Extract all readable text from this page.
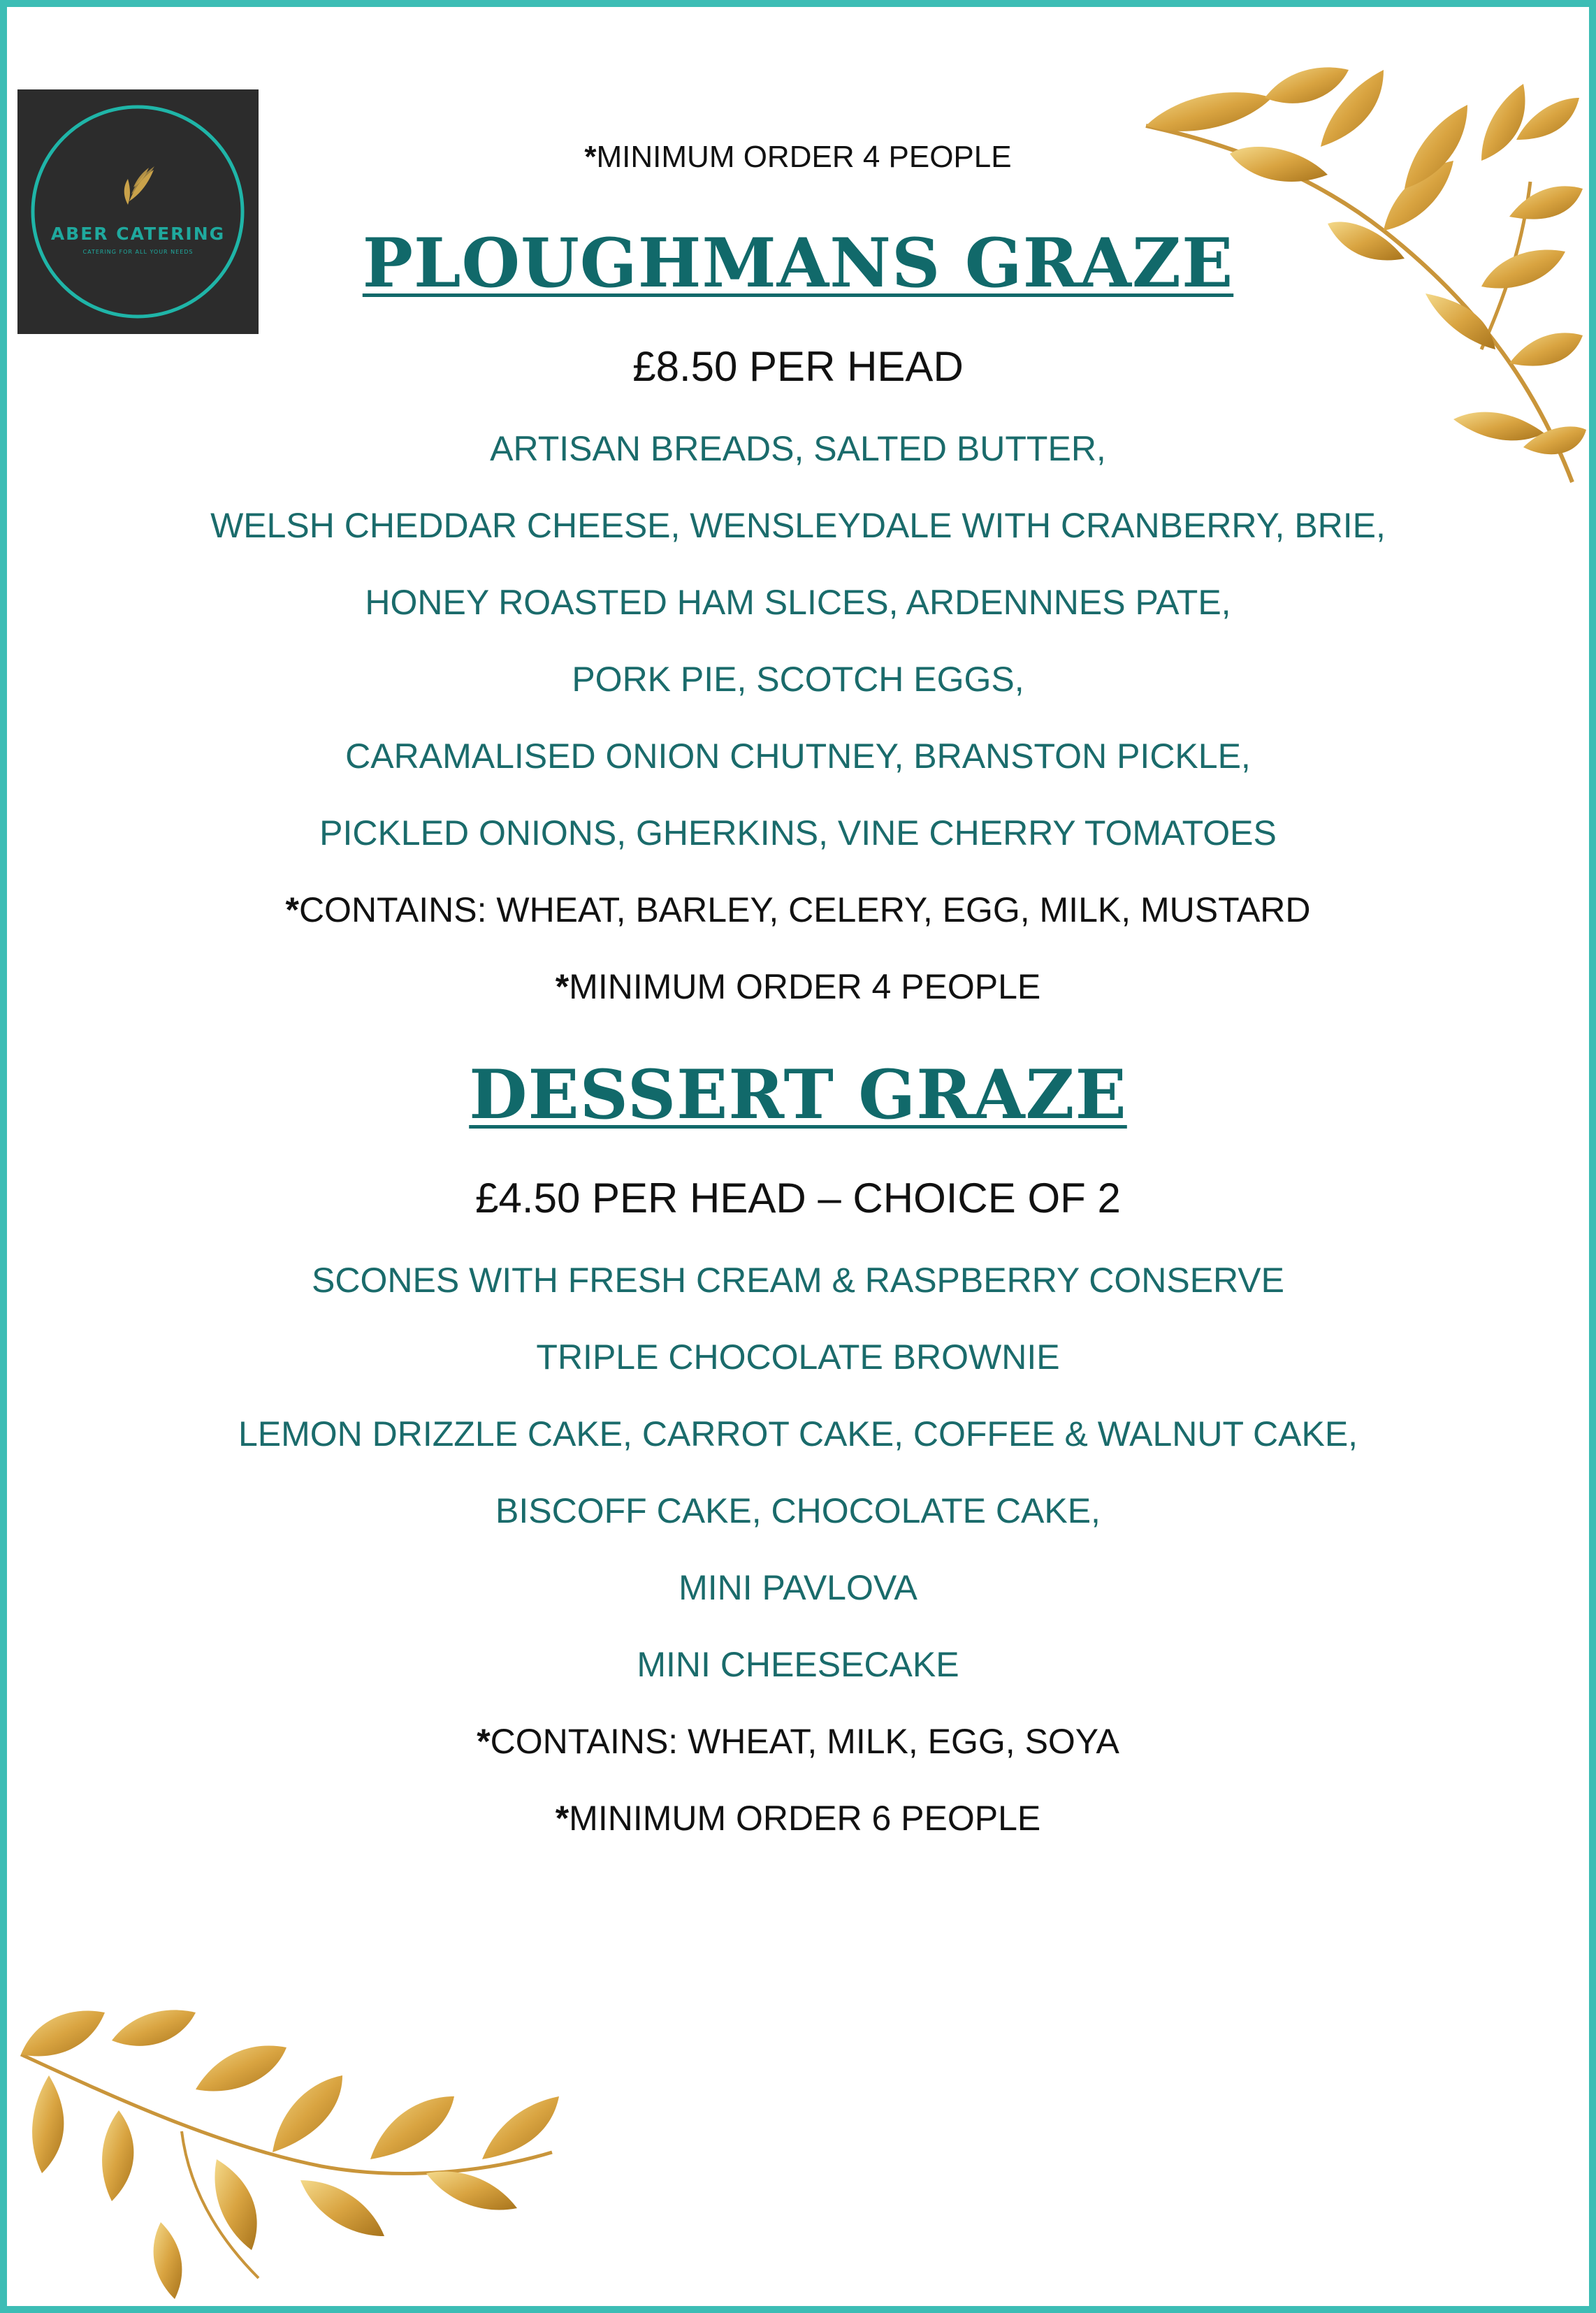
ABER CATERING
CATERING FOR ALL YOUR NEEDS
*MINIMUM ORDER 4 PEOPLE
PLOUGHMANS GRAZE
£8.50 PER HEAD
ARTISAN BREADS, SALTED BUTTER,
WELSH CHEDDAR CHEESE, WENSLEYDALE WITH CRANBERRY, BRIE,
HONEY ROASTED HAM SLICES, ARDENNNES PATE,
PORK PIE, SCOTCH EGGS,
CARAMALISED ONION CHUTNEY, BRANSTON PICKLE,
PICKLED ONIONS, GHERKINS, VINE CHERRY TOMATOES
*CONTAINS: WHEAT, BARLEY, CELERY, EGG, MILK, MUSTARD
*MINIMUM ORDER 4 PEOPLE
DESSERT GRAZE
£4.50 PER HEAD – CHOICE OF 2
SCONES WITH FRESH CREAM & RASPBERRY CONSERVE
TRIPLE CHOCOLATE BROWNIE
LEMON DRIZZLE CAKE, CARROT CAKE, COFFEE & WALNUT CAKE,
BISCOFF CAKE, CHOCOLATE CAKE,
MINI PAVLOVA
MINI CHEESECAKE
*CONTAINS: WHEAT, MILK, EGG, SOYA
*MINIMUM ORDER 6 PEOPLE
